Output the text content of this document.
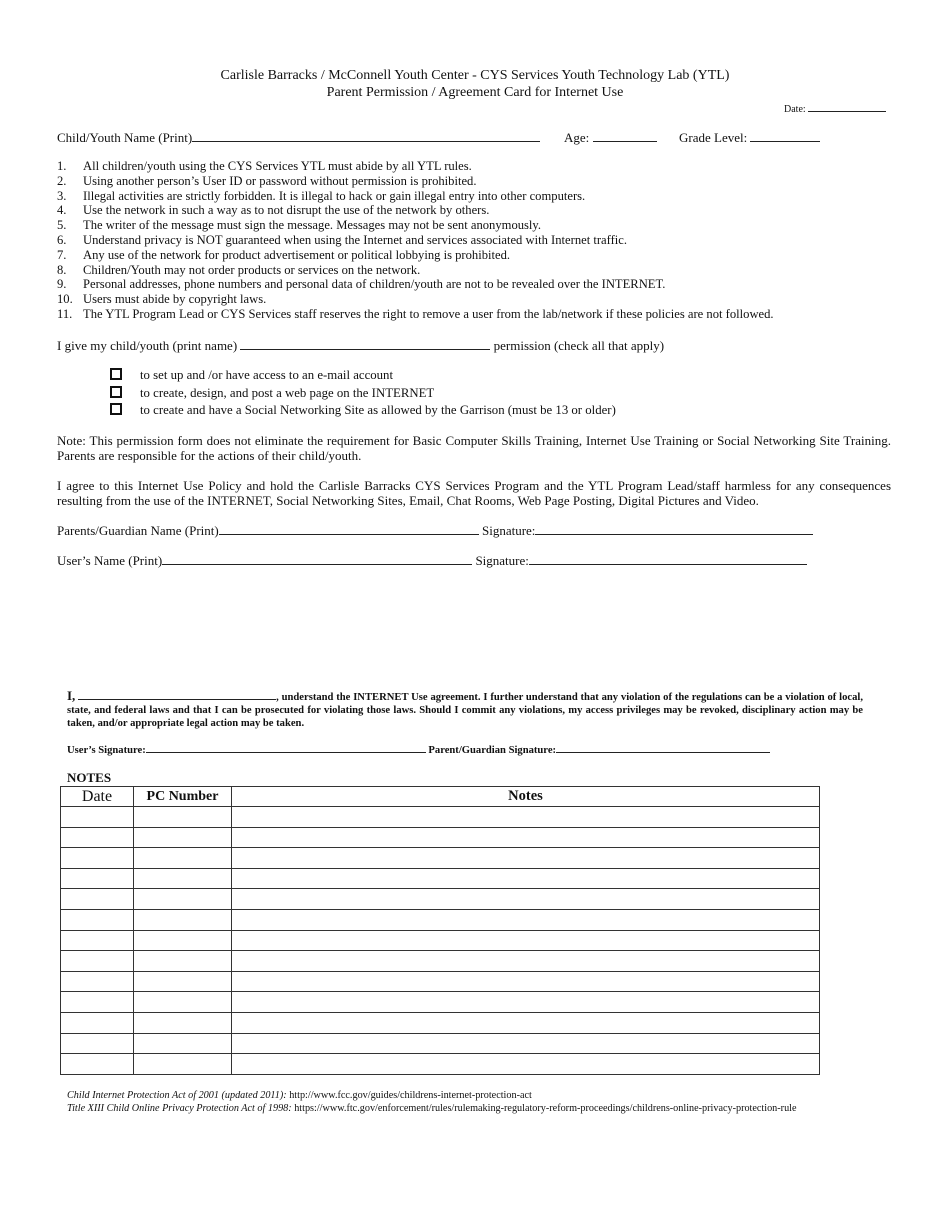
Carlisle Barracks / McConnell Youth Center - CYS Services Youth Technology Lab (YTL)
Parent Permission / Agreement Card for Internet Use
Date:
Child/Youth Name (Print)	Age:	Grade Level:
1. All children/youth using the CYS Services YTL must abide by all YTL rules.
2. Using another person’s User ID or password without permission is prohibited.
3. Illegal activities are strictly forbidden. It is illegal to hack or gain illegal entry into other computers.
4. Use the network in such a way as to not disrupt the use of the network by others.
5. The writer of the message must sign the message. Messages may not be sent anonymously.
6. Understand privacy is NOT guaranteed when using the Internet and services associated with Internet traffic.
7. Any use of the network for product advertisement or political lobbying is prohibited.
8. Children/Youth may not order products or services on the network.
9. Personal addresses, phone numbers and personal data of children/youth are not to be revealed over the INTERNET.
10. Users must abide by copyright laws.
11. The YTL Program Lead or CYS Services staff reserves the right to remove a user from the lab/network if these policies are not followed.
I give my child/youth (print name)	permission (check all that apply)
to set up and /or have access to an e-mail account
to create, design, and post a web page on the INTERNET
to create and have a Social Networking Site as allowed by the Garrison (must be 13 or older)
Note: This permission form does not eliminate the requirement for Basic Computer Skills Training, Internet Use Training or Social Networking Site Training. Parents are responsible for the actions of their child/youth.
I agree to this Internet Use Policy and hold the Carlisle Barracks CYS Services Program and the YTL Program Lead/staff harmless for any consequences resulting from the use of the INTERNET, Social Networking Sites, Email, Chat Rooms, Web Page Posting, Digital Pictures and Video.
Parents/Guardian Name (Print)	Signature:
User’s Name (Print)	Signature:
I,	, understand the INTERNET Use agreement. I further understand that any violation of the regulations can be a violation of local, state, and federal laws and that I can be prosecuted for violating those laws. Should I commit any violations, my access privileges may be revoked, disciplinary action may be taken, and/or appropriate legal action may be taken.
User’s Signature:	Parent/Guardian Signature:
NOTES
Date	PC Number	Notes

Child Internet Protection Act of 2001 (updated 2011): http://www.fcc.gov/guides/childrens-internet-protection-act
Title XIII Child Online Privacy Protection Act of 1998: https://www.ftc.gov/enforcement/rules/rulemaking-regulatory-reform-proceedings/childrens-online-privacy-protection-rule
